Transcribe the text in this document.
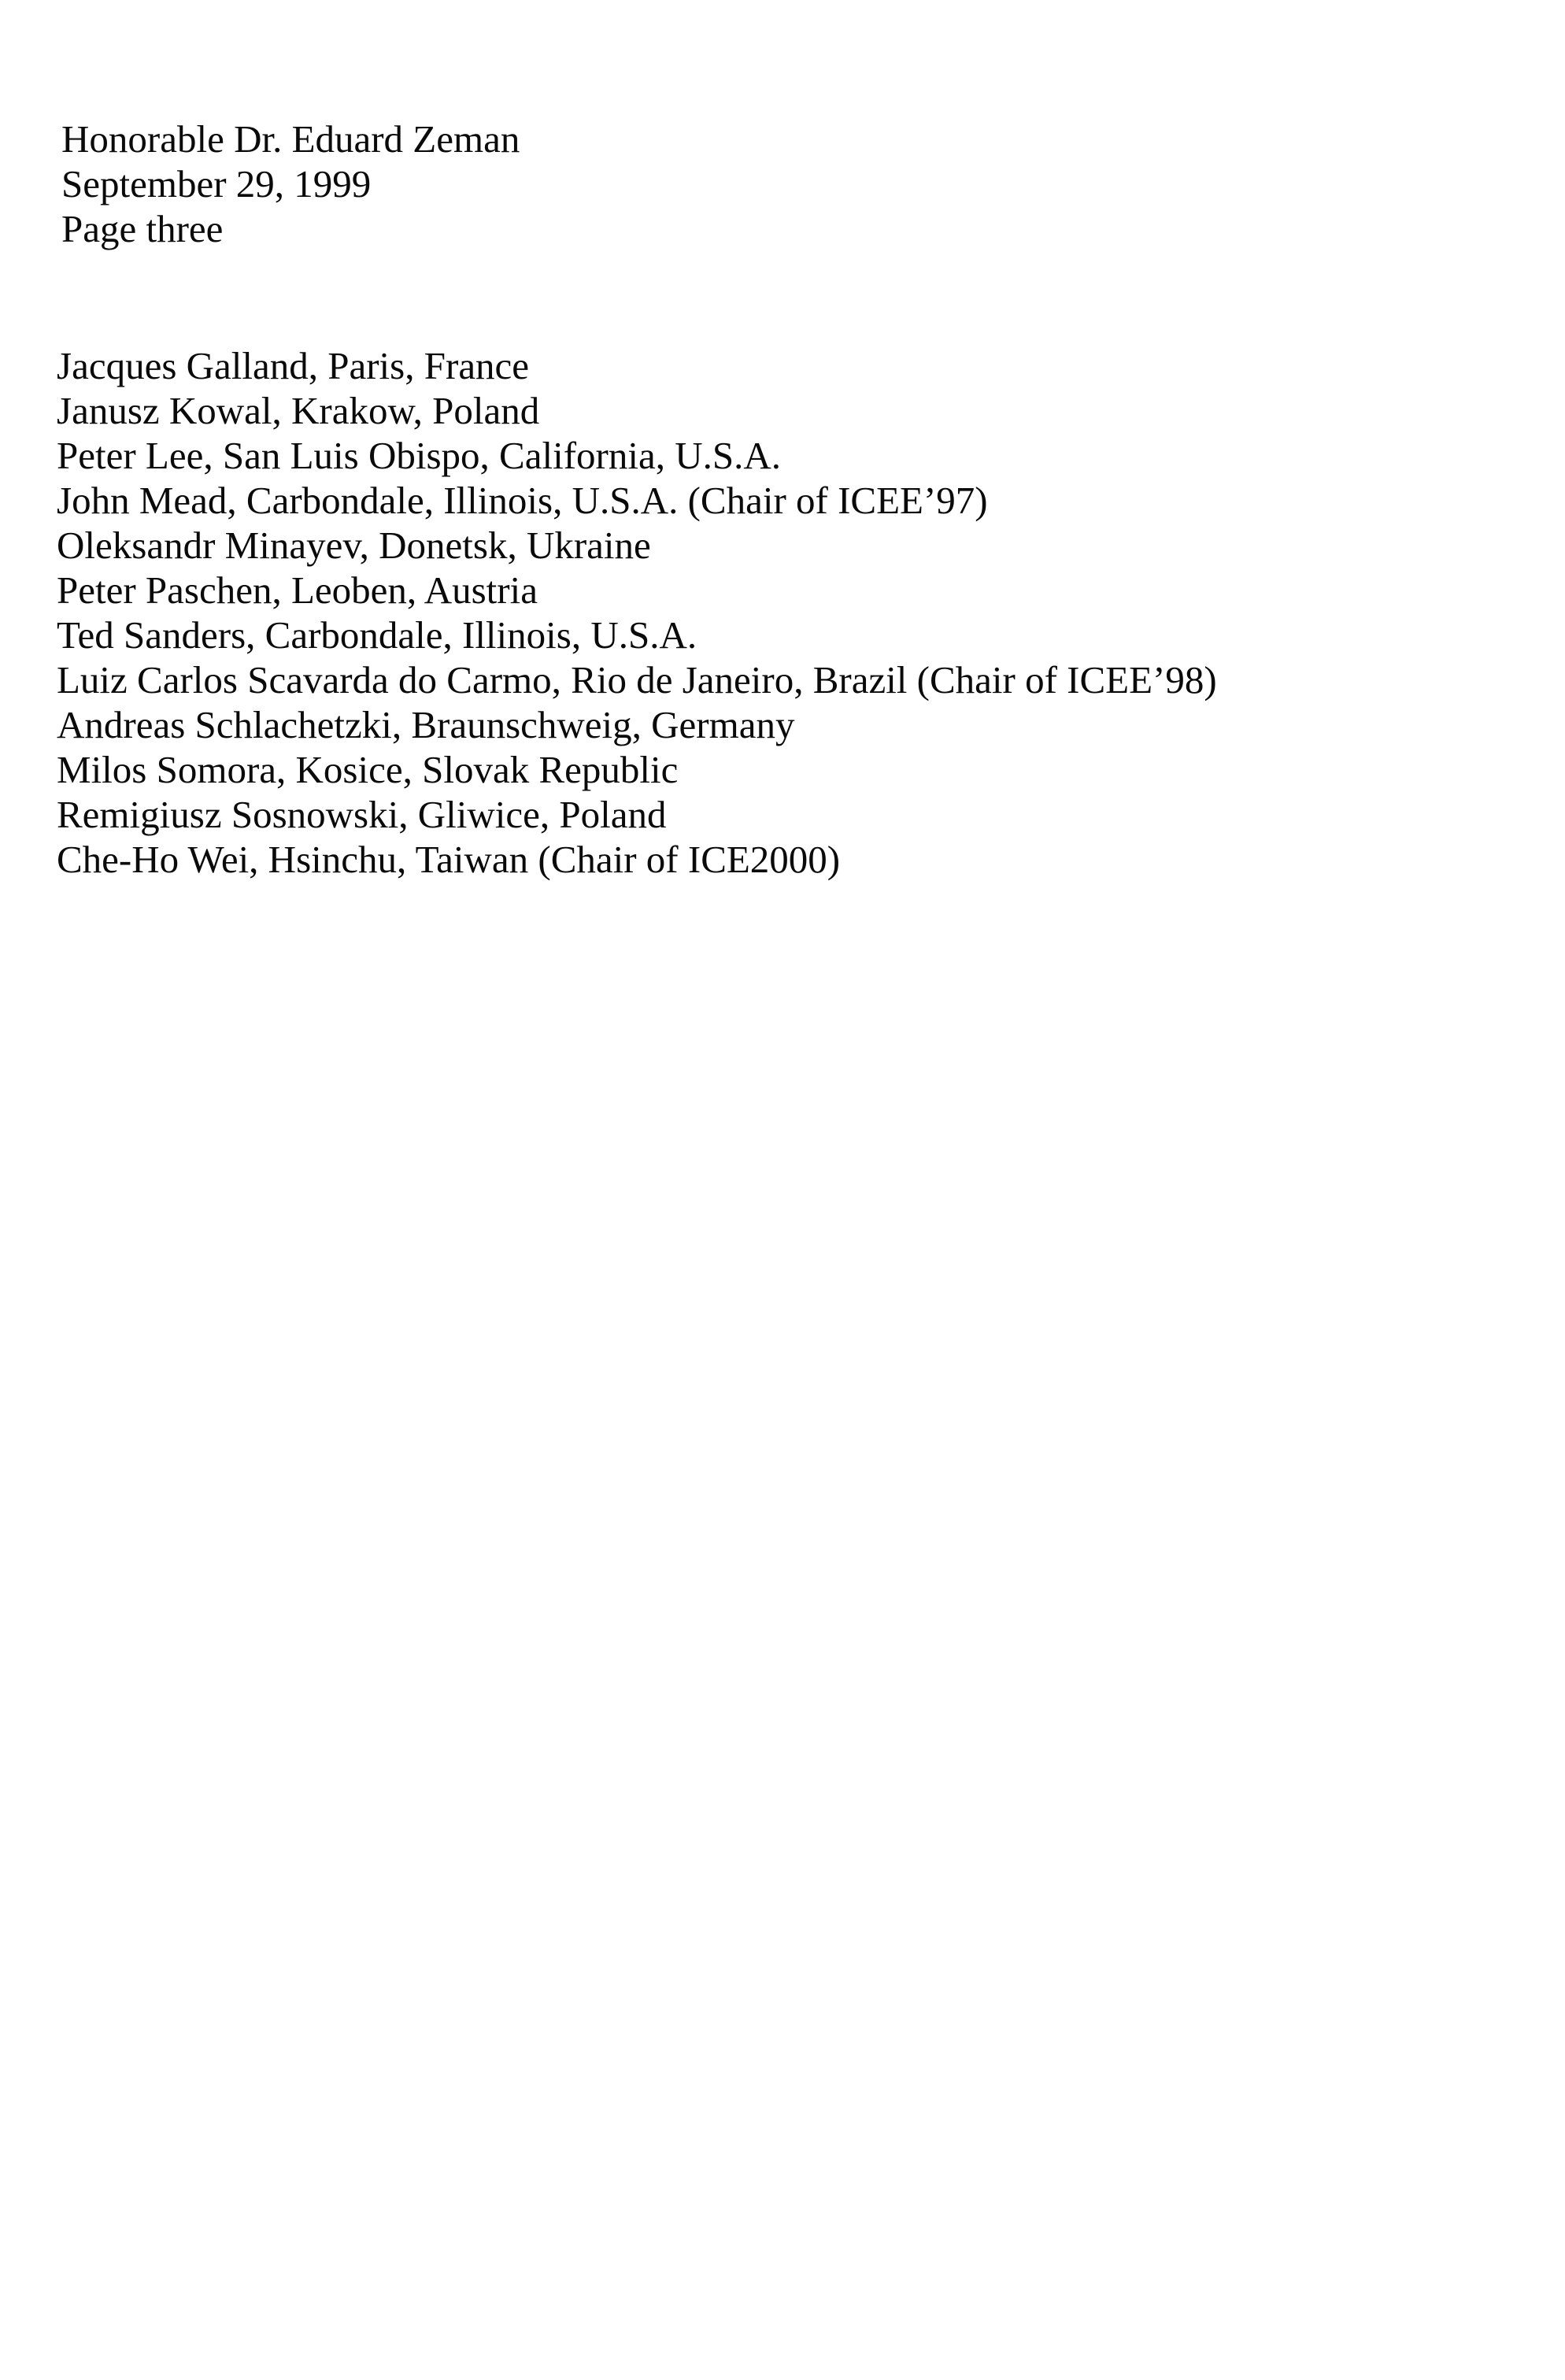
Honorable Dr. Eduard Zeman
September 29, 1999
Page three
Jacques Galland, Paris, France
Janusz Kowal, Krakow, Poland
Peter Lee, San Luis Obispo, California, U.S.A.
John Mead, Carbondale, Illinois, U.S.A. (Chair of ICEE’97)
Oleksandr Minayev, Donetsk, Ukraine
Peter Paschen, Leoben, Austria
Ted Sanders, Carbondale, Illinois, U.S.A.
Luiz Carlos Scavarda do Carmo, Rio de Janeiro, Brazil (Chair of ICEE’98)
Andreas Schlachetzki, Braunschweig, Germany
Milos Somora, Kosice, Slovak Republic
Remigiusz Sosnowski, Gliwice, Poland
Che-Ho Wei, Hsinchu, Taiwan (Chair of ICE2000)
